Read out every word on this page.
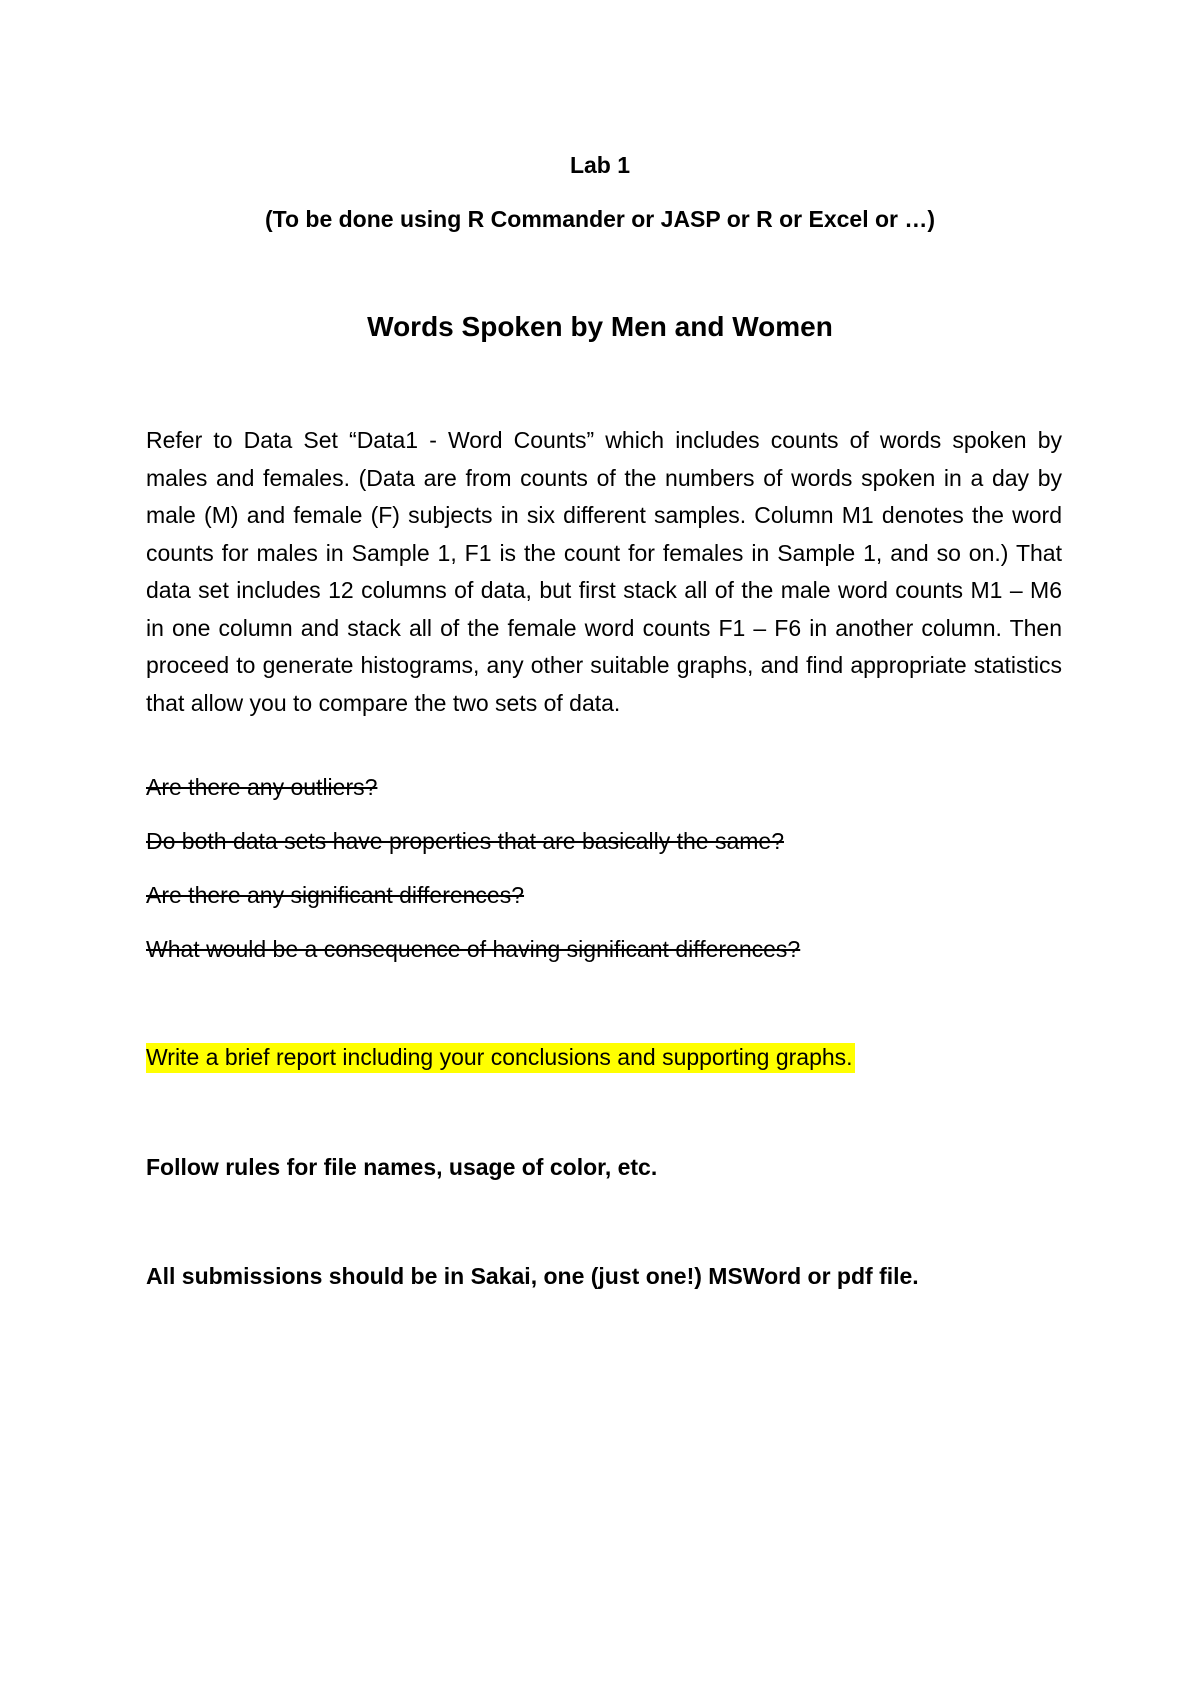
Lab 1
(To be done using R Commander or JASP or R or Excel or …)
Words Spoken by Men and Women

Refer to Data Set “Data1 - Word Counts” which includes counts of words spoken by males and females. (Data are from counts of the numbers of words spoken in a day by male (M) and female (F) subjects in six different samples. Column M1 denotes the word counts for males in Sample 1, F1 is the count for females in Sample 1, and so on.) That data set includes 12 columns of data, but first stack all of the male word counts M1 – M6 in one column and stack all of the female word counts F1 – F6 in another column. Then proceed to generate histograms, any other suitable graphs, and find appropriate statistics that allow you to compare the two sets of data.

Are there any outliers?
Do both data sets have properties that are basically the same?
Are there any significant differences?
What would be a consequence of having significant differences?
Write a brief report including your conclusions and supporting graphs.
Follow rules for file names, usage of color, etc.
All submissions should be in Sakai, one (just one!) MSWord or pdf file.
